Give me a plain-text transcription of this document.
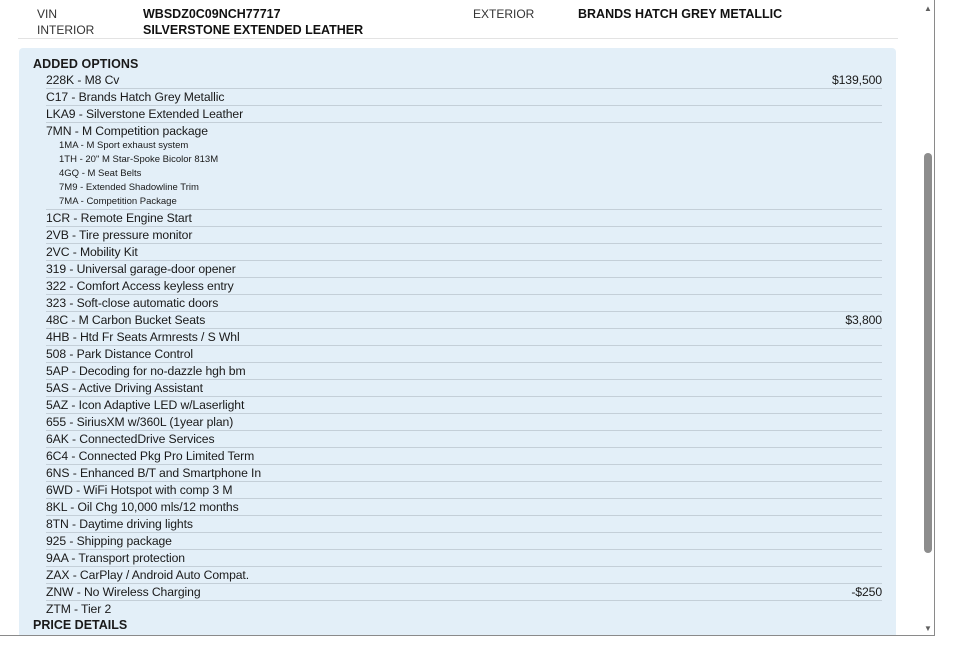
VIN	WBSDZ0C09NCH77717	EXTERIOR	BRANDS HATCH GREY METALLIC
INTERIOR	SILVERSTONE EXTENDED LEATHER
ADDED OPTIONS
228K - M8 Cv	$139,500
C17 - Brands Hatch Grey Metallic
LKA9 - Silverstone Extended Leather
7MN - M Competition package
1MA - M Sport exhaust system
1TH - 20" M Star-Spoke Bicolor 813M
4GQ - M Seat Belts
7M9 - Extended Shadowline Trim
7MA - Competition Package
1CR - Remote Engine Start
2VB - Tire pressure monitor
2VC - Mobility Kit
319 - Universal garage-door opener
322 - Comfort Access keyless entry
323 - Soft-close automatic doors
48C - M Carbon Bucket Seats	$3,800
4HB - Htd Fr Seats Armrests / S Whl
508 - Park Distance Control
5AP - Decoding for no-dazzle hgh bm
5AS - Active Driving Assistant
5AZ - Icon Adaptive LED w/Laserlight
655 - SiriusXM w/360L (1year plan)
6AK - ConnectedDrive Services
6C4 - Connected Pkg Pro Limited Term
6NS - Enhanced B/T and Smartphone In
6WD - WiFi Hotspot with comp 3 M
8KL - Oil Chg 10,000 mls/12 months
8TN - Daytime driving lights
925 - Shipping package
9AA - Transport protection
ZAX - CarPlay / Android Auto Compat.
ZNW - No Wireless Charging	-$250
ZTM - Tier 2
PRICE DETAILS
▲
▼
